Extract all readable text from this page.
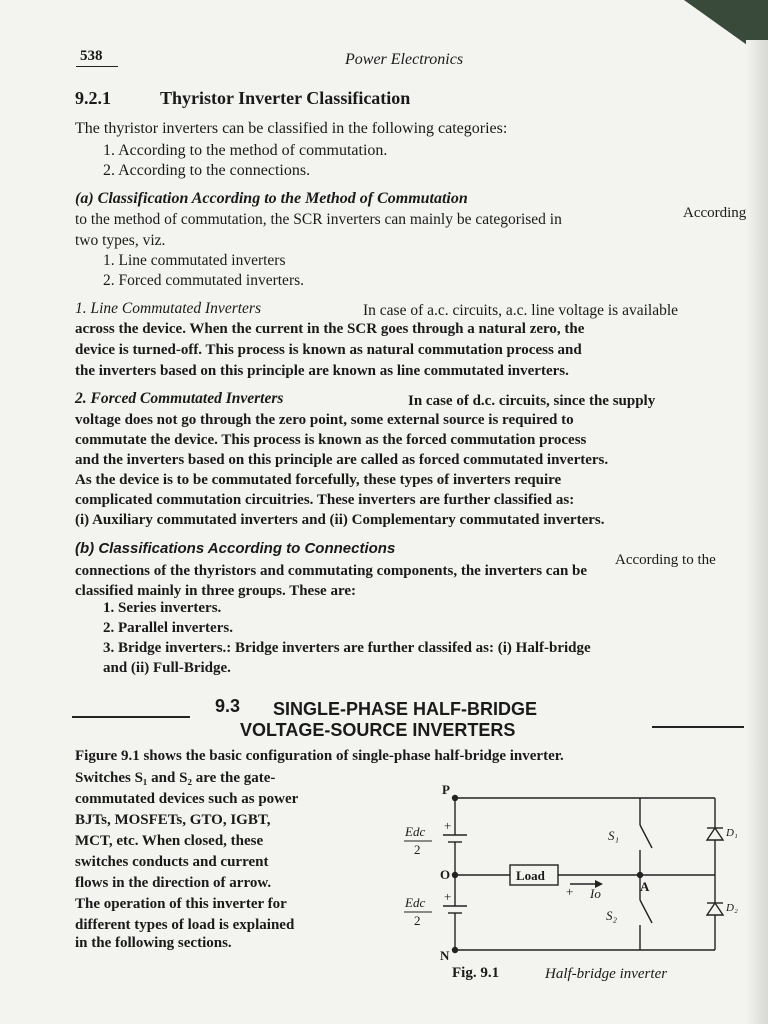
538	Power Electronics
9.2.1	Thyristor Inverter Classification
The thyristor inverters can be classified in the following categories:
1. According to the method of commutation.
2. According to the connections.
(a) Classification According to the Method of Commutation
According
to the method of commutation, the SCR inverters can mainly be categorised in
two types, viz.
1. Line commutated inverters
2. Forced commutated inverters.
1. Line Commutated Inverters	In case of a.c. circuits, a.c. line voltage is available
across the device. When the current in the SCR goes through a natural zero, the
device is turned-off. This process is known as natural commutation process and
the inverters based on this principle are known as line commutated inverters.
2. Forced Commutated Inverters	In case of d.c. circuits, since the supply
voltage does not go through the zero point, some external source is required to
commutate the device. This process is known as the forced commutation process
and the inverters based on this principle are called as forced commutated inverters.
As the device is to be commutated forcefully, these types of inverters require
complicated commutation circuitries. These inverters are further classified as:
(i) Auxiliary commutated inverters and (ii) Complementary commutated inverters.
(b) Classifications According to Connections
According to the
connections of the thyristors and commutating components, the inverters can be
classified mainly in three groups. These are:
1. Series inverters.
2. Parallel inverters.
3. Bridge inverters.: Bridge inverters are further classifed as: (i) Half-bridge
and (ii) Full-Bridge.
9.3 SINGLE-PHASE HALF-BRIDGE
VOLTAGE-SOURCE INVERTERS
Figure 9.1 shows the basic configuration of single-phase half-bridge inverter.
Switches S₁ and S₂ are the gate-
commutated devices such as power
BJTs, MOSFETs, GTO, IGBT,
MCT, etc. When closed, these
switches conducts and current
flows in the direction of arrow.
The operation of this inverter for
different types of load is explained
in the following sections.
P
N
O
A
Edc
2
Edc
2
+
+
Load
+ Io
S₁
S₂
D₁
D₂
Fig. 9.1	Half-bridge inverter
